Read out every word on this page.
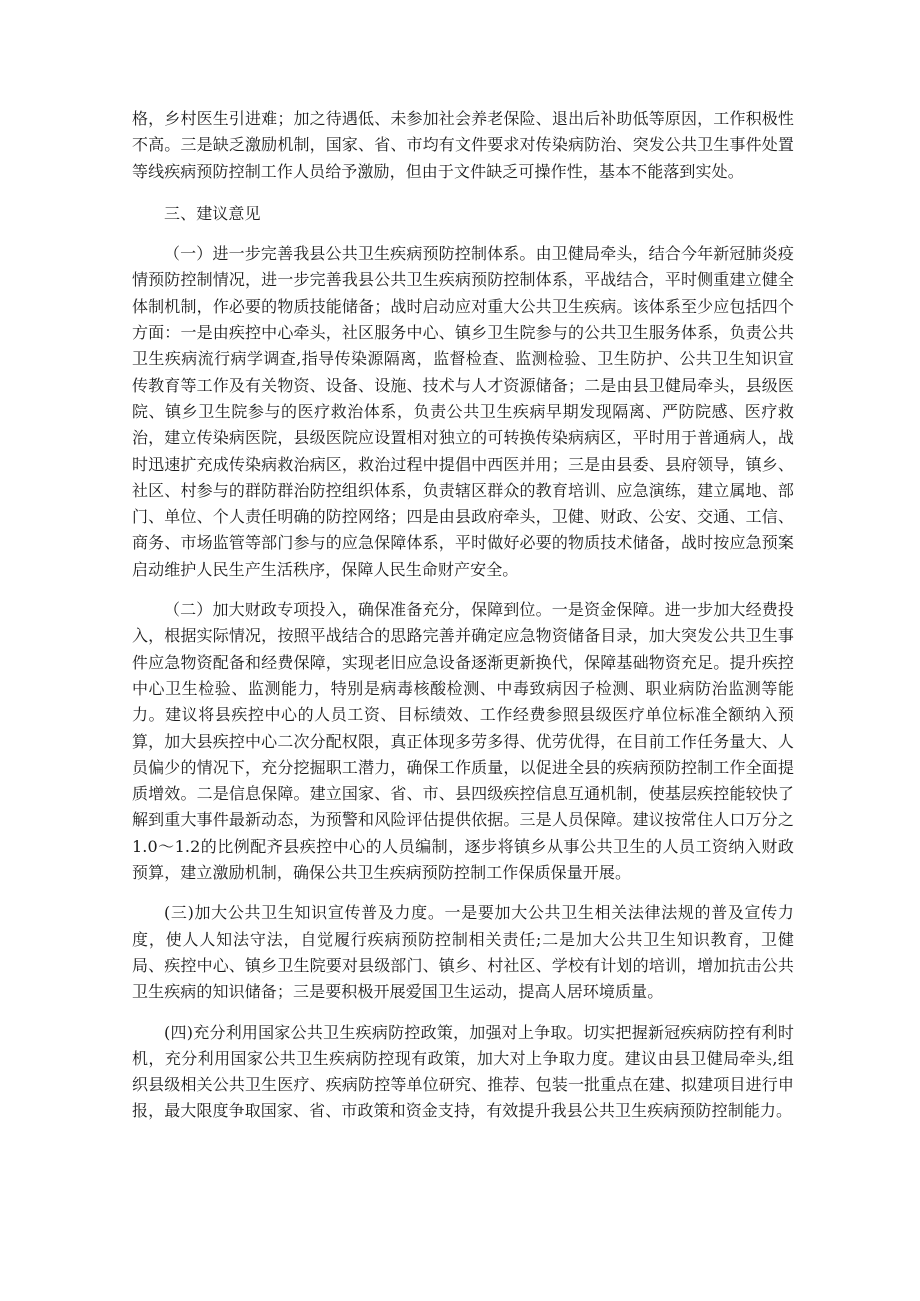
格，乡村医生引进难；加之待遇低、未参加社会养老保险、退出后补助低等原因，工作积极性不高。三是缺乏激励机制，国家、省、市均有文件要求对传染病防治、突发公共卫生事件处置等线疾病预防控制工作人员给予激励，但由于文件缺乏可操作性，基本不能落到实处。

三、建议意见

（一）进一步完善我县公共卫生疾病预防控制体系。由卫健局牵头，结合今年新冠肺炎疫情预防控制情况，进一步完善我县公共卫生疾病预防控制体系，平战结合，平时侧重建立健全体制机制，作必要的物质技能储备；战时启动应对重大公共卫生疾病。该体系至少应包括四个方面：一是由疾控中心牵头，社区服务中心、镇乡卫生院参与的公共卫生服务体系，负责公共卫生疾病流行病学调查,指导传染源隔离，监督检查、监测检验、卫生防护、公共卫生知识宣传教育等工作及有关物资、设备、设施、技术与人才资源储备；二是由县卫健局牵头，县级医院、镇乡卫生院参与的医疗救治体系，负责公共卫生疾病早期发现隔离、严防院感、医疗救治，建立传染病医院，县级医院应设置相对独立的可转换传染病病区，平时用于普通病人，战时迅速扩充成传染病救治病区，救治过程中提倡中西医并用；三是由县委、县府领导，镇乡、社区、村参与的群防群治防控组织体系，负责辖区群众的教育培训、应急演练，建立属地、部门、单位、个人责任明确的防控网络；四是由县政府牵头，卫健、财政、公安、交通、工信、商务、市场监管等部门参与的应急保障体系，平时做好必要的物质技术储备，战时按应急预案启动维护人民生产生活秩序，保障人民生命财产安全。

（二）加大财政专项投入，确保准备充分，保障到位。一是资金保障。进一步加大经费投入，根据实际情况，按照平战结合的思路完善并确定应急物资储备目录，加大突发公共卫生事件应急物资配备和经费保障，实现老旧应急设备逐渐更新换代，保障基础物资充足。提升疾控中心卫生检验、监测能力，特别是病毒核酸检测、中毒致病因子检测、职业病防治监测等能力。建议将县疾控中心的人员工资、目标绩效、工作经费参照县级医疗单位标准全额纳入预算，加大县疾控中心二次分配权限，真正体现多劳多得、优劳优得，在目前工作任务量大、人员偏少的情况下，充分挖掘职工潜力，确保工作质量，以促进全县的疾病预防控制工作全面提质增效。二是信息保障。建立国家、省、市、县四级疾控信息互通机制，使基层疾控能较快了解到重大事件最新动态，为预警和风险评估提供依据。三是人员保障。建议按常住人口万分之1.0～1.2的比例配齐县疾控中心的人员编制，逐步将镇乡从事公共卫生的人员工资纳入财政预算，建立激励机制，确保公共卫生疾病预防控制工作保质保量开展。

(三)加大公共卫生知识宣传普及力度。一是要加大公共卫生相关法律法规的普及宣传力度，使人人知法守法，自觉履行疾病预防控制相关责任;二是加大公共卫生知识教育，卫健局、疾控中心、镇乡卫生院要对县级部门、镇乡、村社区、学校有计划的培训，增加抗击公共卫生疾病的知识储备；三是要积极开展爱国卫生运动，提高人居环境质量。

(四)充分利用国家公共卫生疾病防控政策，加强对上争取。切实把握新冠疾病防控有利时机，充分利用国家公共卫生疾病防控现有政策，加大对上争取力度。建议由县卫健局牵头,组织县级相关公共卫生医疗、疾病防控等单位研究、推荐、包装一批重点在建、拟建项目进行申报，最大限度争取国家、省、市政策和资金支持，有效提升我县公共卫生疾病预防控制能力。
